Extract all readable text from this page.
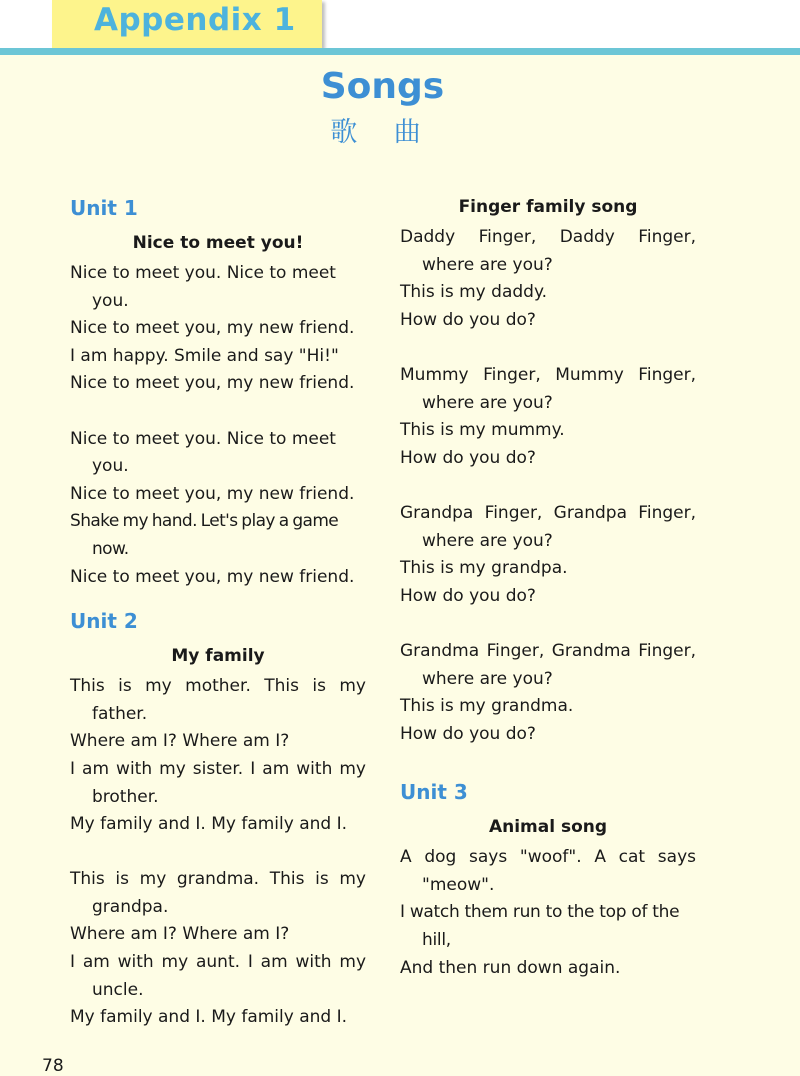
Appendix 1
Songs
歌 曲
Unit 1
Nice to meet you!
Nice to meet you. Nice to meet you.
Nice to meet you, my new friend.
I am happy. Smile and say "Hi!"
Nice to meet you, my new friend.
Nice to meet you. Nice to meet you.
Nice to meet you, my new friend.
Shake my hand. Let's play a game now.
Nice to meet you, my new friend.
Unit 2
My family
This is my mother. This is my father.
Where am I? Where am I?
I am with my sister. I am with my brother.
My family and I. My family and I.
This is my grandma. This is my grandpa.
Where am I? Where am I?
I am with my aunt. I am with my uncle.
My family and I. My family and I.
Finger family song
Daddy Finger, Daddy Finger, where are you?
This is my daddy.
How do you do?
Mummy Finger, Mummy Finger, where are you?
This is my mummy.
How do you do?
Grandpa Finger, Grandpa Finger, where are you?
This is my grandpa.
How do you do?
Grandma Finger, Grandma Finger, where are you?
This is my grandma.
How do you do?
Unit 3
Animal song
A dog says "woof". A cat says "meow".
I watch them run to the top of the hill,
And then run down again.
78
